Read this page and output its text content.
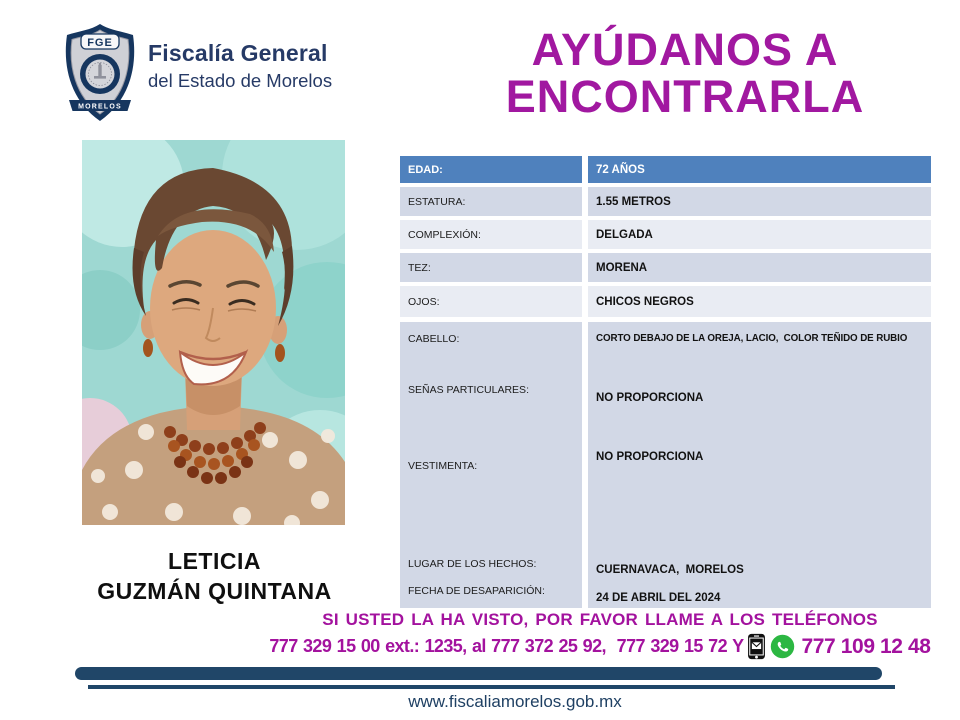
FGE
MORELOS
Fiscalía General
del Estado de Morelos
AYÚDANOS A
ENCONTRARLA
LETICIA
GUZMÁN QUINTANA
EDAD:	72 AÑOS
ESTATURA:	1.55 METROS
COMPLEXIÓN:	DELGADA
TEZ:	MORENA
OJOS:	CHICOS NEGROS
CABELLO:	CORTO DEBAJO DE LA OREJA, LACIO,  COLOR TEÑIDO DE RUBIO
SEÑAS PARTICULARES:
NO PROPORCIONA
VESTIMENTA:
NO PROPORCIONA
LUGAR DE LOS HECHOS:	CUERNAVACA,  MORELOS
FECHA DE DESAPARICIÓN:
24 DE ABRIL DEL 2024
SI USTED LA HA VISTO, POR FAVOR LLAME A LOS TELÉFONOS
777 329 15 00 ext.: 1235, al 777 372 25 92,  777 329 15 72 Y	777 109 12 48
www.fiscaliamorelos.gob.mx
